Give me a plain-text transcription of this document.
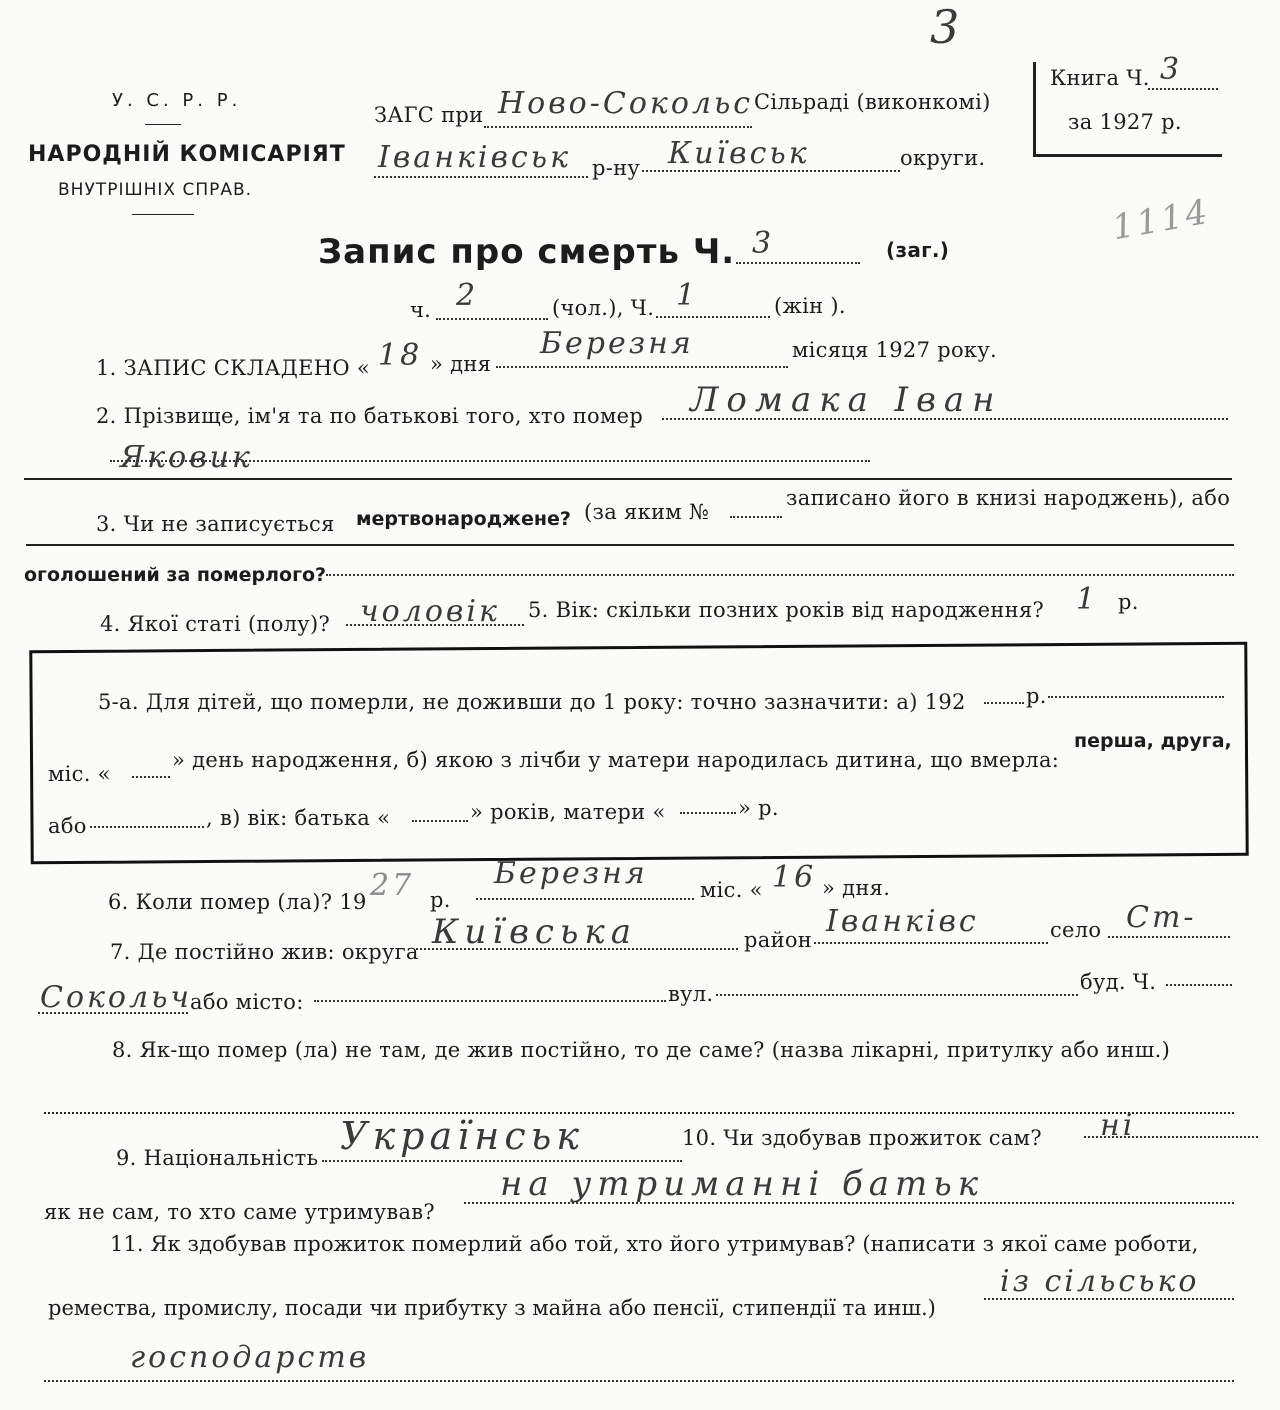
3
У. С. Р. Р.
НАРОДНІЙ КОМІСАРІЯТ
ВНУТРІШНІХ СПРАВ.
ЗАГС при Ново-Сокольс Сільраді (виконкомі)
Іванківськ р-ну Київськ	округи.
Книга Ч. 3
за 1927 р.
1114
Запис про смерть Ч. 3	(заг.)
ч. 2	(чол.), Ч. 1	(жін ).
1. ЗАПИС СКЛАДЕНО « 18 » дня
Березня	місяця 1927 року.
2. Прізвище, ім'я та по батькові того, хто помер Ломака Іван
Яковик
3. Чи не записується мертвонароджене? (за яким №
записано його в книзі народжень), або
оголошений за померлого?
4. Якої статі (полу)? чоловік 5. Вік: скільки позних років від народження? 1 р.
5-а. Для дітей, що померли, не доживши до 1 року: точно зазначити: а) 192	р.
міс. «
» день народження, б) якою з лічби у матери народилась дитина, що вмерла:
перша, друга,
або	, в) вік: батька «	» років, матери «	» р.
6. Коли помер (ла)? 19 27 р.
Березня міс. « 16 » дня.
7. Де постійно жив: округа Київська	район
Іванківс	село Ст-
Сокольч
або місто:	вул.	буд. Ч.
8. Як-що помер (ла) не там, де жив постійно, то де саме? (назва лікарні, притулку або инш.)
9. Національність Українськ	10. Чи здобував прожиток сам? ні
як не сам, то хто саме утримував?
на утриманні батьк
11. Як здобував прожиток померлий або той, хто його утримував? (написати з якої саме роботи,
ремества, промислу, посади чи прибутку з майна або пенсії, стипендії та инш.)
із сільсько
господарств
